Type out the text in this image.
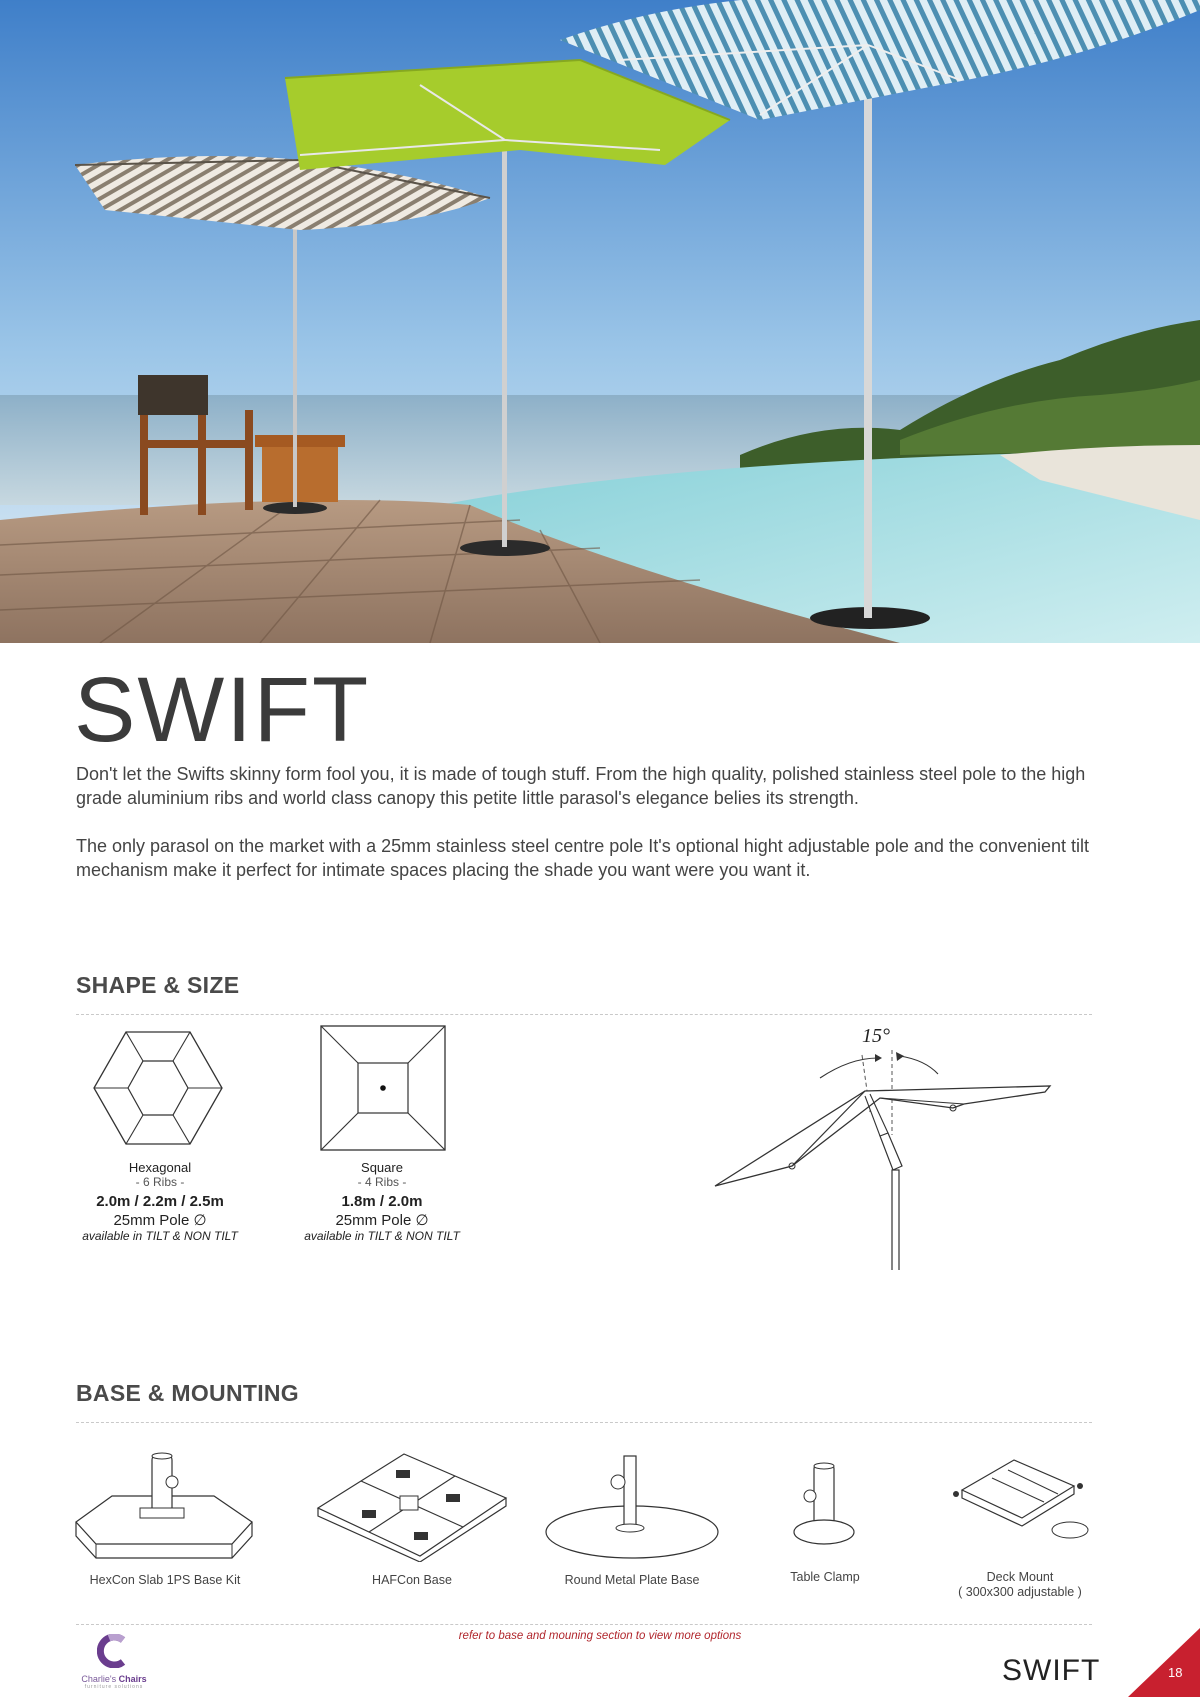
SWIFT

Don't let the Swifts skinny form fool you, it is made of tough stuff. From the high quality, polished stainless steel pole to the high grade aluminium ribs and world class canopy this petite little parasol's elegance belies its strength.

The only parasol on the market with a 25mm stainless steel centre pole It's optional hight adjustable pole and the convenient tilt mechanism make it perfect for intimate spaces placing the shade you want were you want it.

SHAPE & SIZE
Hexagonal
- 6 Ribs -
2.0m / 2.2m / 2.5m
25mm Pole ∅
available in TILT & NON TILT
Square
- 4 Ribs -
1.8m / 2.0m
25mm Pole ∅
available in TILT & NON TILT
15°
BASE & MOUNTING
HexCon Slab 1PS Base Kit	HAFCon Base	Round Metal Plate Base	Table Clamp	Deck Mount
( 300x300 adjustable )
refer to base and mouning section to view more options
Charlie's Chairs
furniture solutions	SWIFT	18
